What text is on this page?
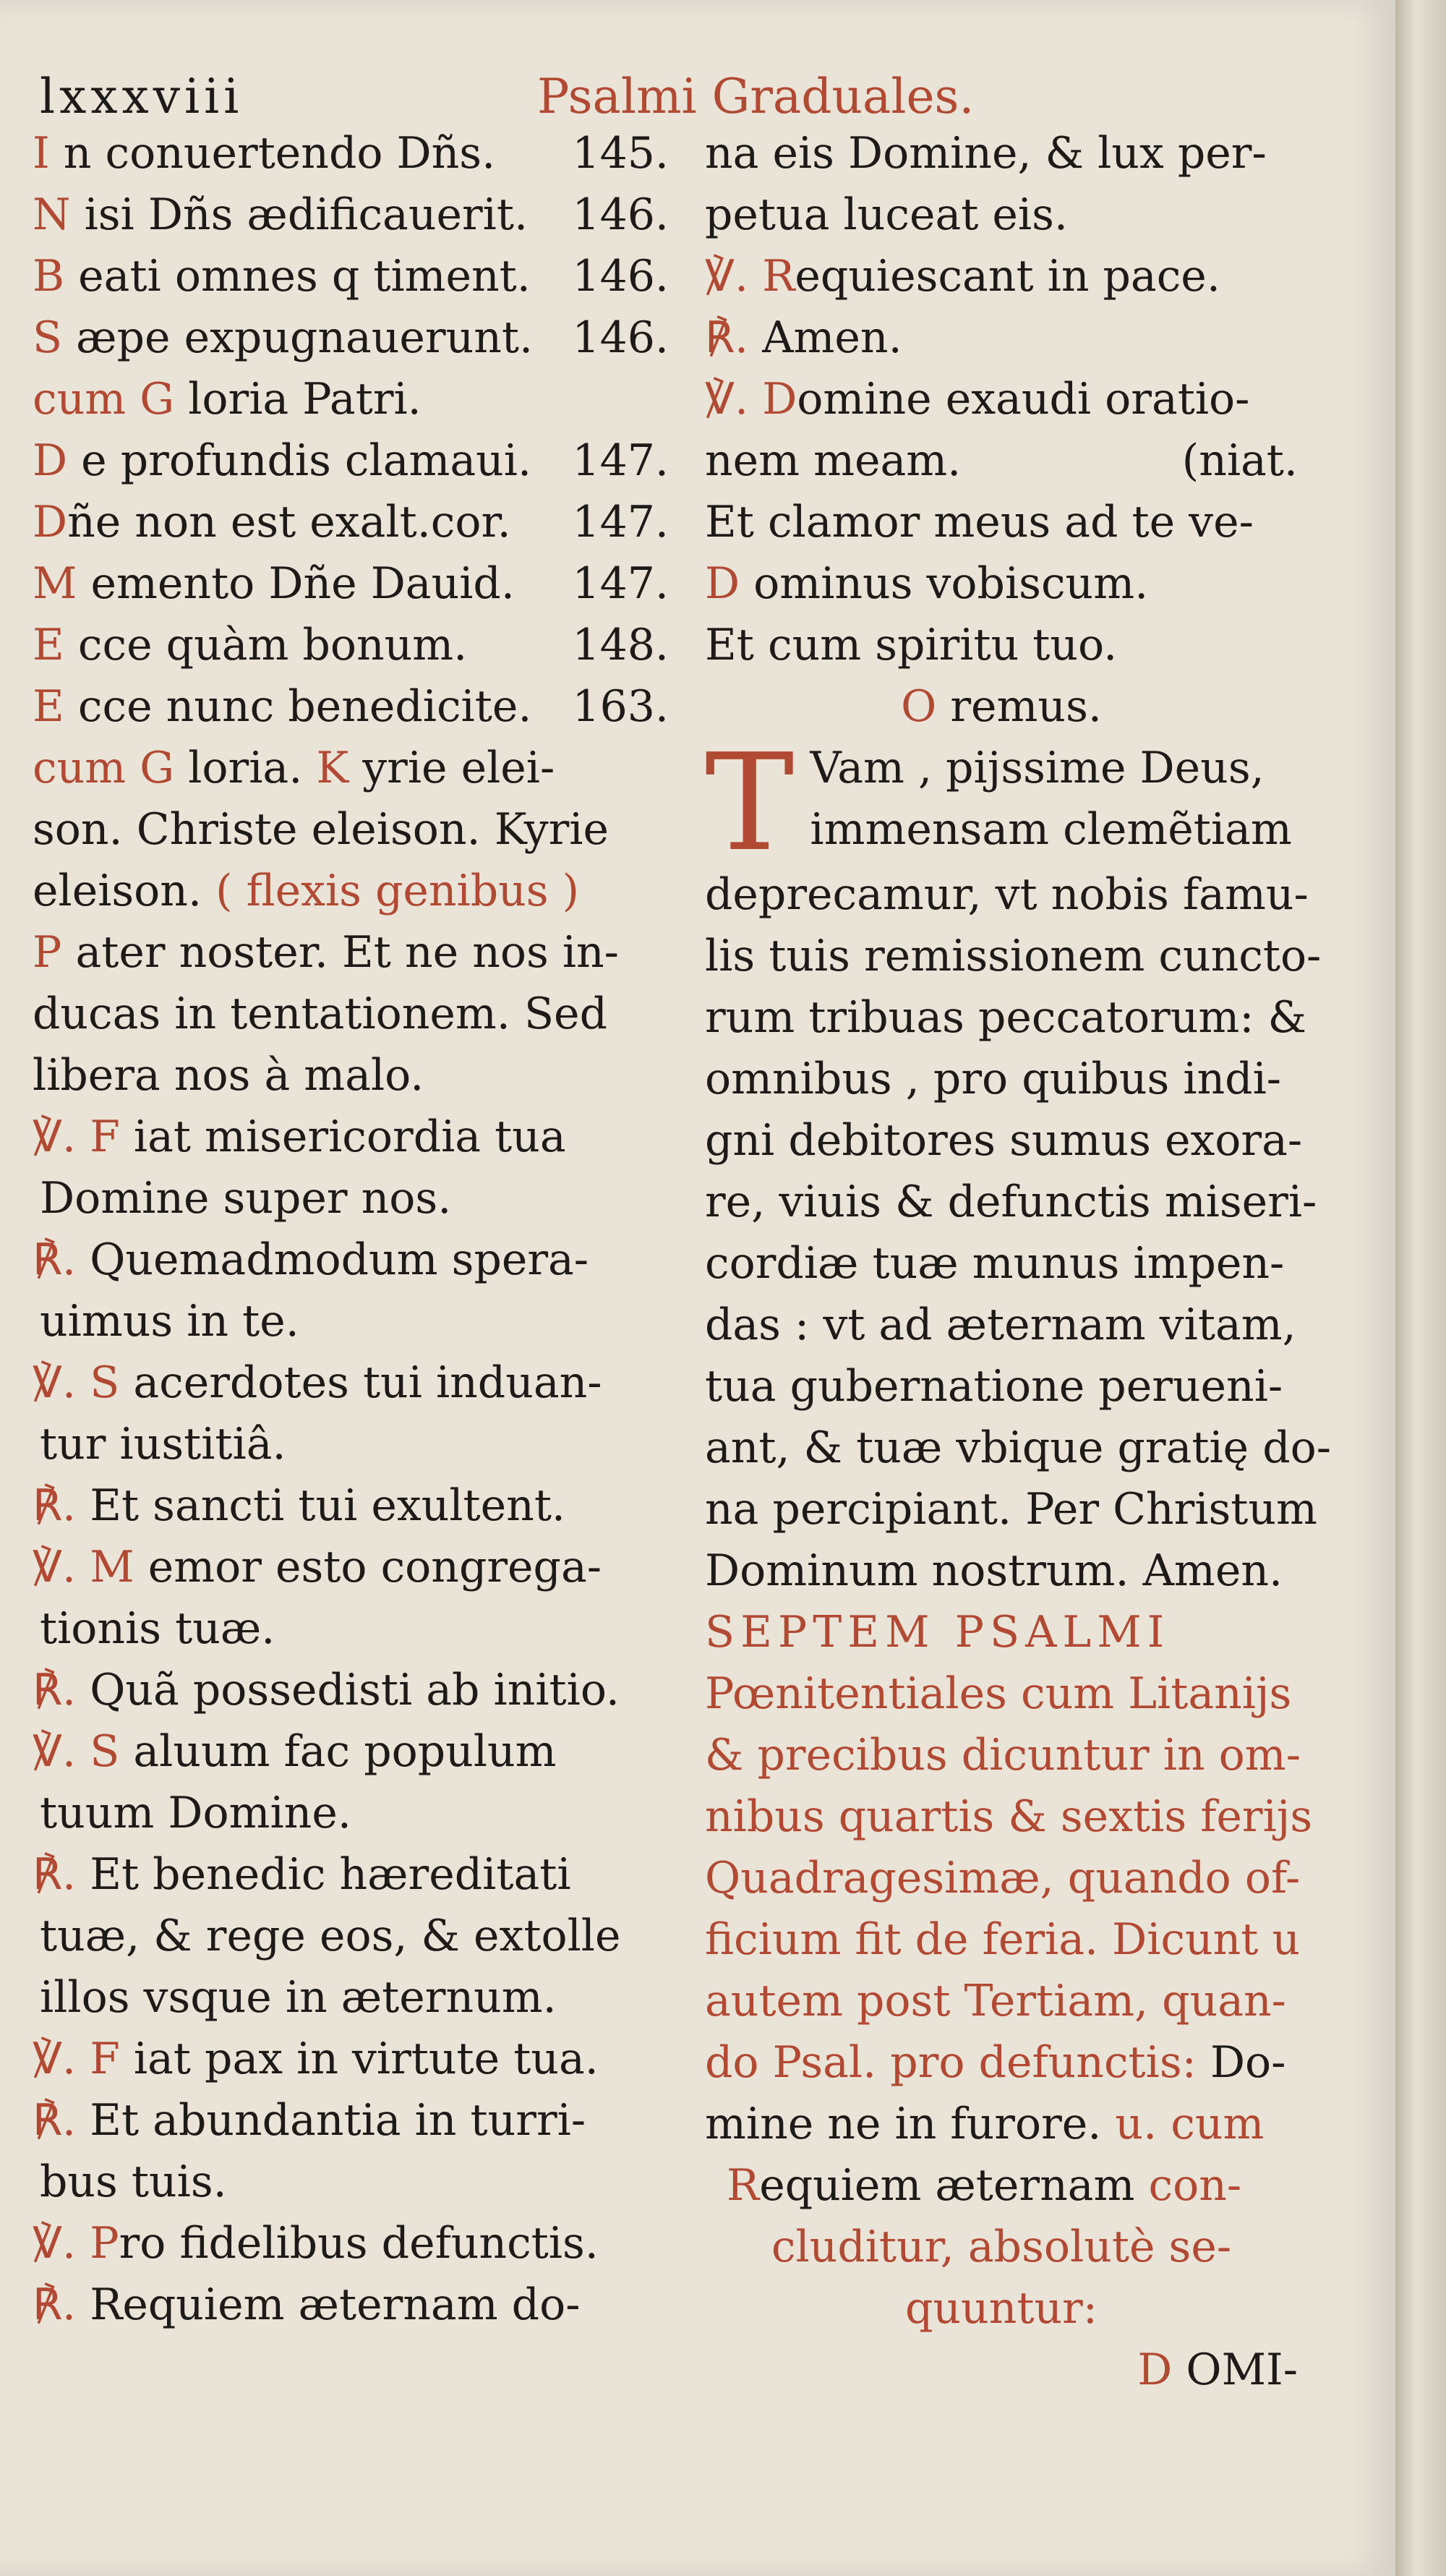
lxxxviii	Psalmi Graduales.
I n conuertendo Dñs. 145.
N isi Dñs ædificauerit. 146.
B eati omnes q timent. 146.
S æpe expugnauerunt. 146.
cum G loria Patri.
D e profundis clamaui. 147.
Dñe non est exalt.cor. 147.
M emento Dñe Dauid. 147.
E cce quàm bonum. 148.
E cce nunc benedicite. 163.
cum G loria. K yrie elei-
son. Christe eleison. Kyrie
eleison. ( flexis genibus )
P ater noster. Et ne nos in-
ducas in tentationem. Sed
libera nos à malo.
℣. F iat misericordia tua
Domine super nos.
℟. Quemadmodum spera-
uimus in te.
℣. S acerdotes tui induan-
tur iustitiâ.
℟. Et sancti tui exultent.
℣. M emor esto congrega-
tionis tuæ.
℟. Quã possedisti ab initio.
℣. S aluum fac populum
tuum Domine.
℟. Et benedic hæreditati
tuæ, & rege eos, & extolle
illos vsque in æternum.
℣. F iat pax in virtute tua.
℟. Et abundantia in turri-
bus tuis.
℣. Pro fidelibus defunctis.
℟. Requiem æternam do-
na eis Domine, & lux per-
petua luceat eis.
℣. Requiescant in pace.
℟. Amen.
℣. Domine exaudi oratio-
nem meam.	(niat.
Et clamor meus ad te ve-
D ominus vobiscum.
Et cum spiritu tuo.
O remus.
T Vam , pijssime Deus,
immensam clemẽtiam
deprecamur, vt nobis famu-
lis tuis remissionem cuncto-
rum tribuas peccatorum: &
omnibus , pro quibus indi-
gni debitores sumus exora-
re, viuis & defunctis miseri-
cordiæ tuæ munus impen-
das : vt ad æternam vitam,
tua gubernatione perueni-
ant, & tuæ vbique gratię do-
na percipiant. Per Christum
Dominum nostrum. Amen.
SEPTEM PSALMI
Pœnitentiales cum Litanijs
& precibus dicuntur in om-
nibus quartis & sextis ferijs
Quadragesimæ, quando of-
ficium fit de feria. Dicunt u
autem post Tertiam, quan-
do Psal. pro defunctis: Do-
mine ne in furore. u. cum
Requiem æternam con-
cluditur, absolutè se-
quuntur:
D OMI-
